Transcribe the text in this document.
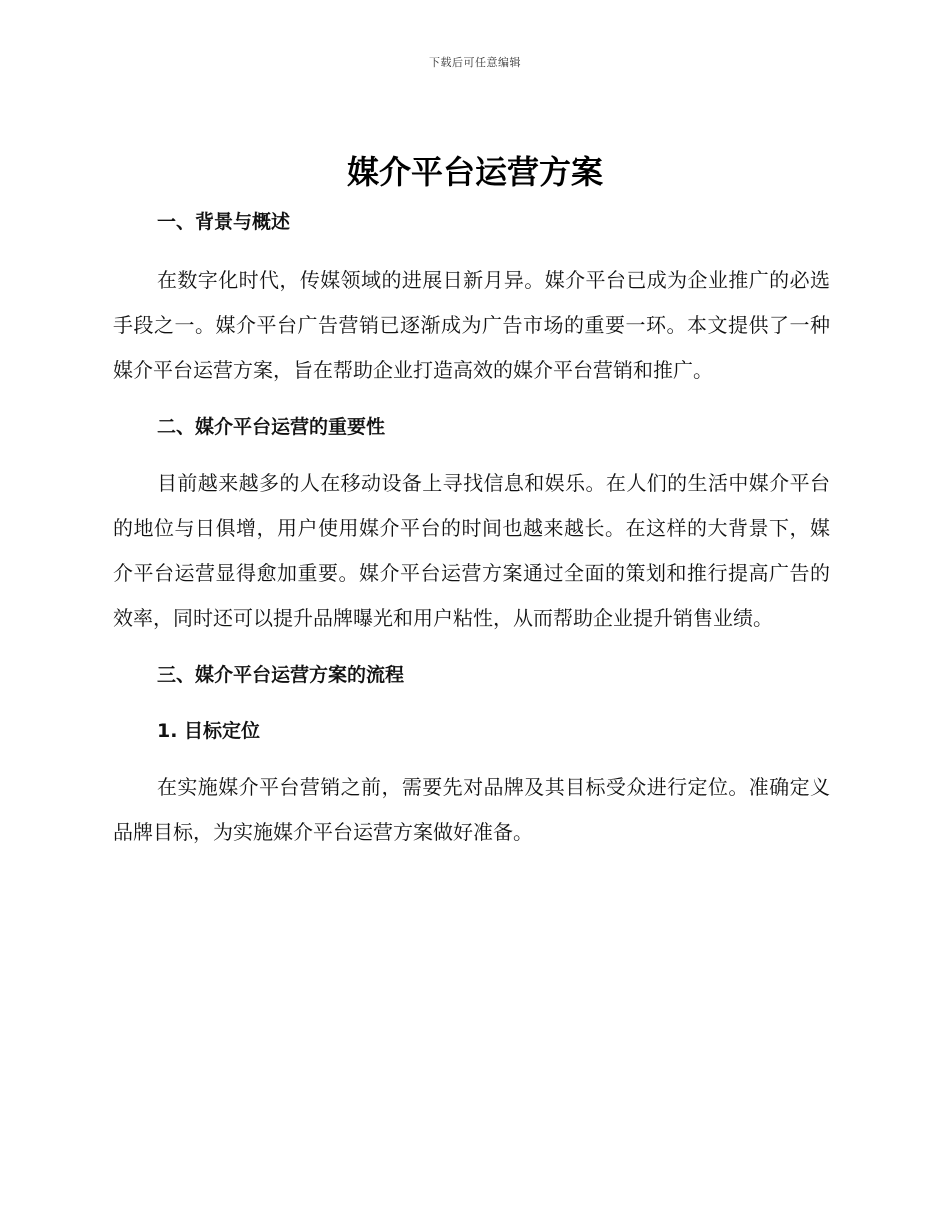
下载后可任意编辑
媒介平台运营方案
一、背景与概述

在数字化时代，传媒领域的进展日新月异。媒介平台已成为企业推广的必选手段之一。媒介平台广告营销已逐渐成为广告市场的重要一环。本文提供了一种媒介平台运营方案，旨在帮助企业打造高效的媒介平台营销和推广。

二、媒介平台运营的重要性

目前越来越多的人在移动设备上寻找信息和娱乐。在人们的生活中媒介平台的地位与日俱增，用户使用媒介平台的时间也越来越长。在这样的大背景下，媒介平台运营显得愈加重要。媒介平台运营方案通过全面的策划和推行提高广告的效率，同时还可以提升品牌曝光和用户粘性，从而帮助企业提升销售业绩。

三、媒介平台运营方案的流程
1. 目标定位

在实施媒介平台营销之前，需要先对品牌及其目标受众进行定位。准确定义品牌目标，为实施媒介平台运营方案做好准备。
